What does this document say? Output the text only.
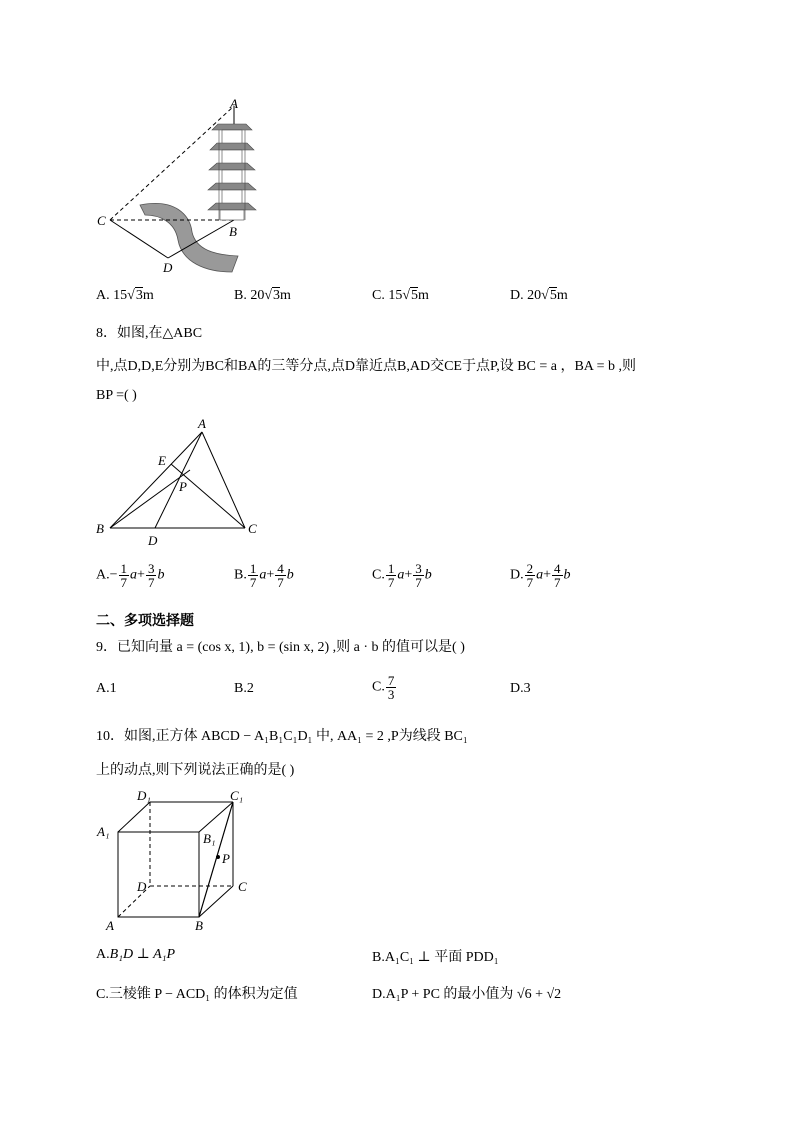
A
B
C
D
A. 15√3m	B. 20√3m	C. 15√5m	D. 20√5m
8．如图,在△ABC
中,点D,D,E分别为BC和BA的三等分点,点D靠近点B,AD交CE于点P,设 BC = a ，BA = b ,则
BP =( )
A
B	C
D
E
P
$A.- \frac{1}{7} a+ \frac{3}{7}$ b	B. $\frac{1}{7} a+ \frac{4}{7}$ b	C. $\frac{1}{7} a+ \frac{3}{7}$ b	D. $\frac{2}{7} a+ \frac{4}{7}$ b
二、多项选择题
9．已知向量 a = (cos x, 1), b = (sin x, 2) ,则 a · b 的值可以是( )
A.1	B.2	C. $\frac{7}{3}$	D.3
10．如图,正方体 ABCD − A₁B₁C₁D₁ 中, AA₁ = 2 ,P为线段 BC₁
上的动点,则下列说法正确的是( )
D₁	C₁
A₁	B₁
P
D	C
A	B
A.B₁D ⊥ A₁P	B.A₁C₁ ⊥ 平面 PDD₁
C.三棱锥 P − ACD₁ 的体积为定值	D.A₁P + PC 的最小值为 √6 + √2
